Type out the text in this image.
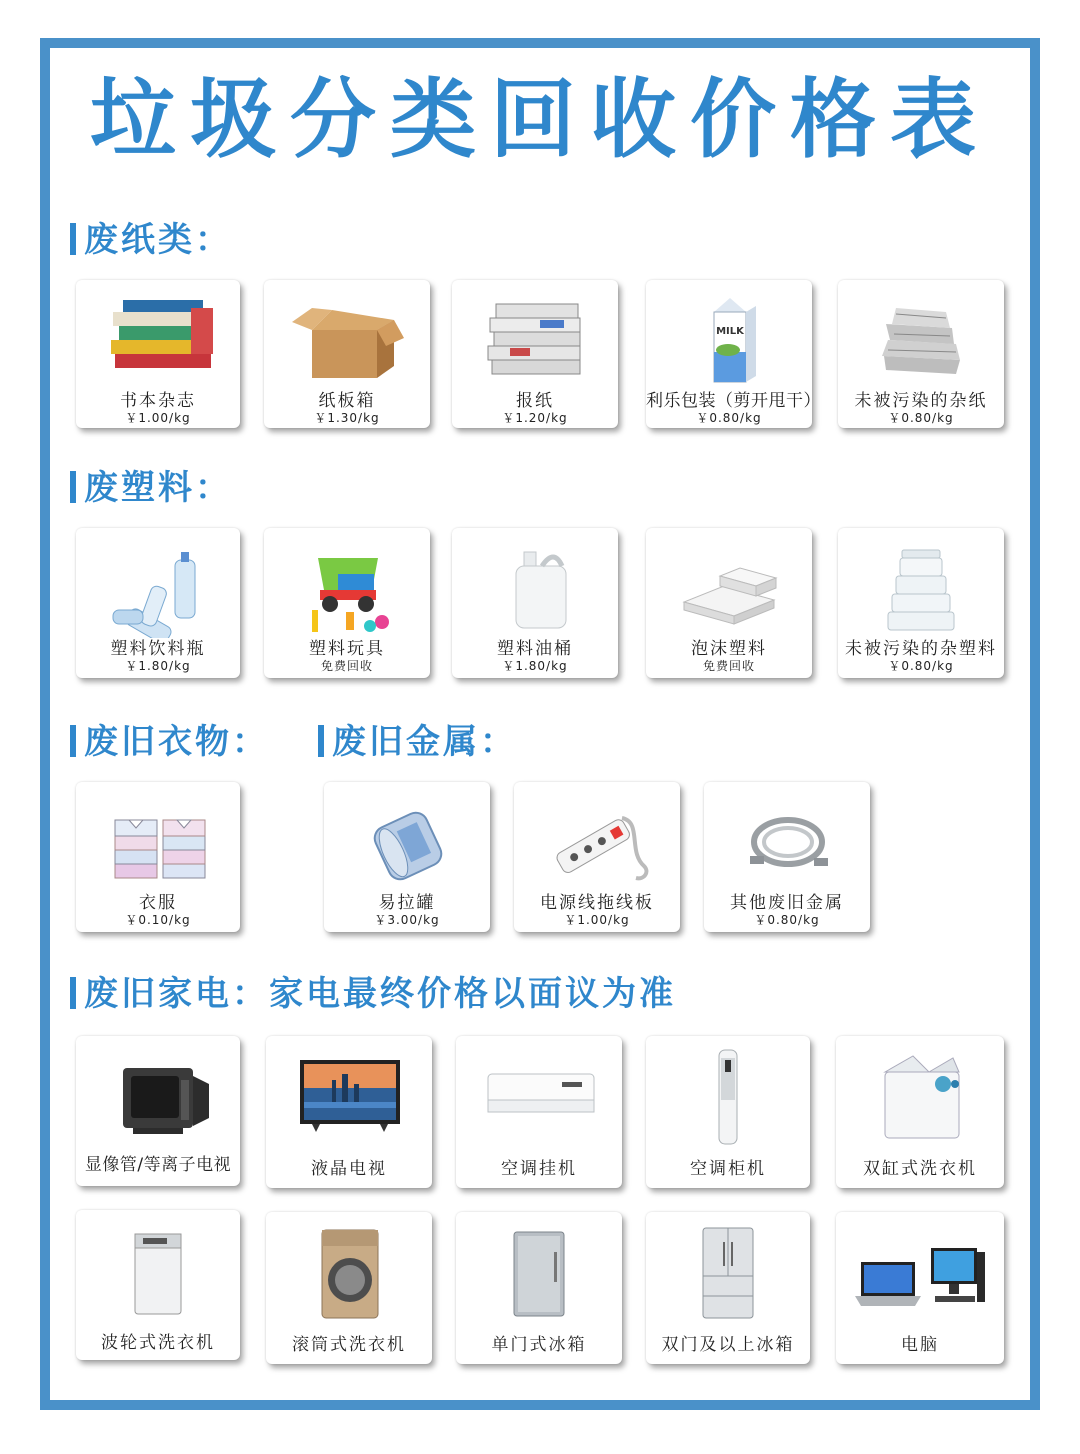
垃圾分类回收价格表
废纸类：
废塑料：
废旧衣物：	废旧金属：
废旧家电：家电最终价格以面议为准
书本杂志
￥1.00/kg
纸板箱
￥1.30/kg
报纸
￥1.20/kg
MILK
利乐包装（剪开甩干）
￥0.80/kg
未被污染的杂纸
￥0.80/kg
塑料饮料瓶
￥1.80/kg
塑料玩具
免费回收
塑料油桶
￥1.80/kg
泡沫塑料
免费回收
未被污染的杂塑料
￥0.80/kg
衣服
￥0.10/kg
易拉罐
￥3.00/kg
电源线拖线板
￥1.00/kg
其他废旧金属
￥0.80/kg
显像管/等离子电视	液晶电视	空调挂机	空调柜机	双缸式洗衣机
波轮式洗衣机	滚筒式洗衣机	单门式冰箱	双门及以上冰箱	电脑
